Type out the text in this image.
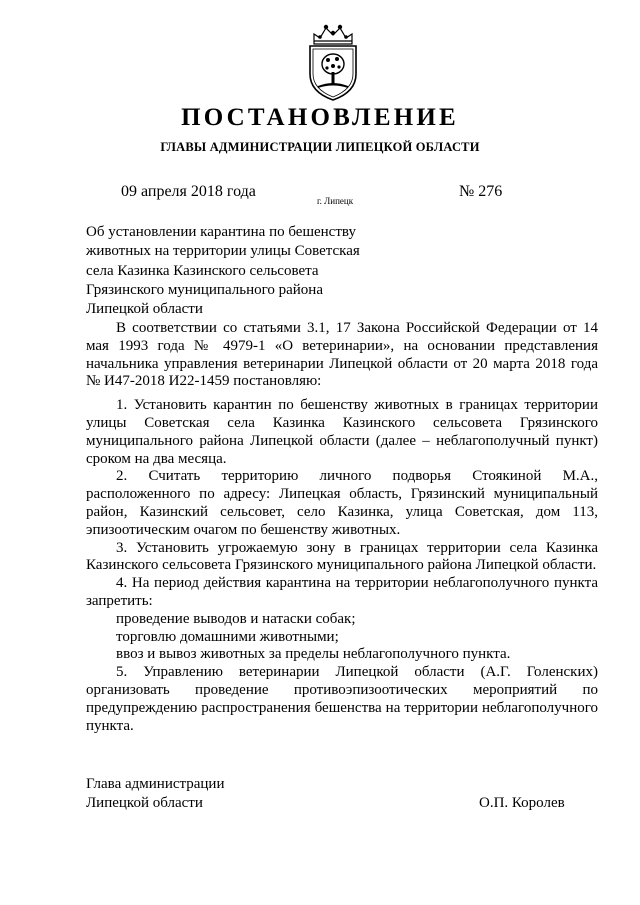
ПОСТАНОВЛЕНИЕ
ГЛАВЫ АДМИНИСТРАЦИИ ЛИПЕЦКОЙ ОБЛАСТИ
09 апреля 2018 года
г. Липецк
№ 276
Об установлении карантина по бешенству
животных на территории улицы Советская
села Казинка Казинского сельсовета
Грязинского муниципального района
Липецкой области

В соответствии со статьями 3.1, 17 Закона Российской Федерации от 14 мая 1993 года № 4979-1 «О ветеринарии», на основании представления начальника управления ветеринарии Липецкой области от 20 марта 2018 года № И47-2018 И22-1459 постановляю:

1. Установить карантин по бешенству животных в границах территории улицы Советская села Казинка Казинского сельсовета Грязинского муниципального района Липецкой области (далее – неблагополучный пункт) сроком на два месяца.

2. Считать территорию личного подворья Стоякиной М.А., расположенного по адресу: Липецкая область, Грязинский муниципальный район, Казинский сельсовет, село Казинка, улица Советская, дом 113, эпизоотическим очагом по бешенству животных.

3. Установить угрожаемую зону в границах территории села Казинка Казинского сельсовета Грязинского муниципального района Липецкой области.

4. На период действия карантина на территории неблагополучного пункта запретить:

проведение выводов и натаски собак;

торговлю домашними животными;

ввоз и вывоз животных за пределы неблагополучного пункта.

5. Управлению ветеринарии Липецкой области (А.Г. Голенских) организовать проведение противоэпизоотических мероприятий по предупреждению распространения бешенства на территории неблагополучного пункта.

Глава администрации
Липецкой области	О.П. Королев
